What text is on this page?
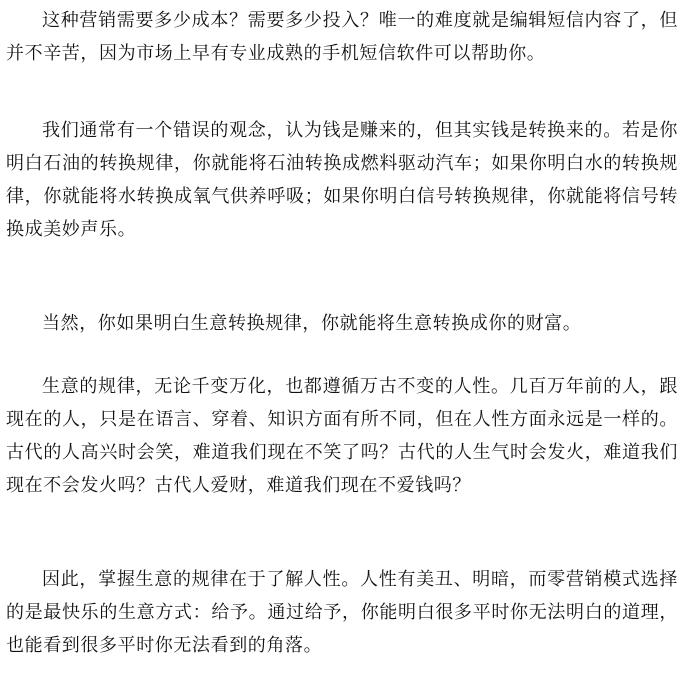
这种营销需要多少成本？需要多少投入？唯一的难度就是编辑短信内容了，但并不辛苦，因为市场上早有专业成熟的手机短信软件可以帮助你。

我们通常有一个错误的观念，认为钱是赚来的，但其实钱是转换来的。若是你明白石油的转换规律，你就能将石油转换成燃料驱动汽车；如果你明白水的转换规律，你就能将水转换成氧气供养呼吸；如果你明白信号转换规律，你就能将信号转换成美妙声乐。

当然，你如果明白生意转换规律，你就能将生意转换成你的财富。

生意的规律，无论千变万化，也都遵循万古不变的人性。几百万年前的人，跟现在的人，只是在语言、穿着、知识方面有所不同，但在人性方面永远是一样的。古代的人高兴时会笑，难道我们现在不笑了吗？古代的人生气时会发火，难道我们现在不会发火吗？古代人爱财，难道我们现在不爱钱吗？

因此，掌握生意的规律在于了解人性。人性有美丑、明暗，而零营销模式选择的是最快乐的生意方式：给予。通过给予，你能明白很多平时你无法明白的道理，也能看到很多平时你无法看到的角落。
